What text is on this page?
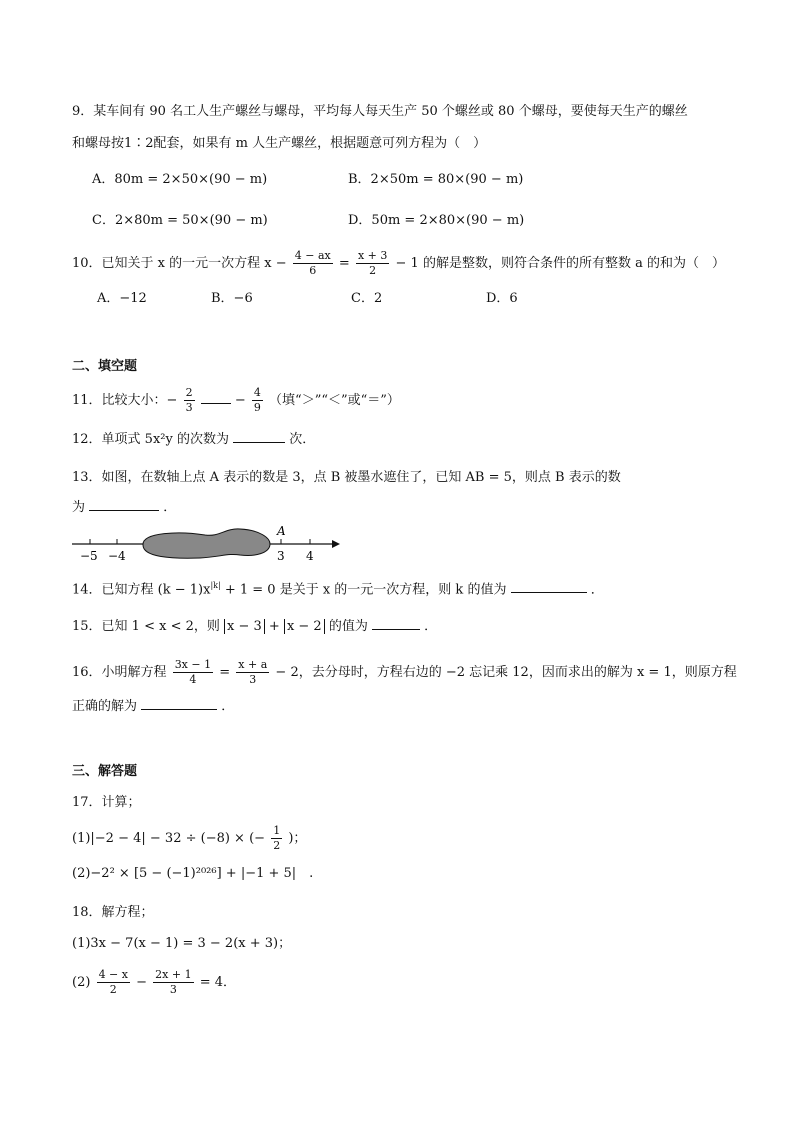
9．某车间有 90 名工人生产螺丝与螺母，平均每人每天生产 50 个螺丝或 80 个螺母，要使每天生产的螺丝
和螺母按1∶2配套，如果有 m 人生产螺丝，根据题意可列方程为（　）
A．80m = 2×50×(90 − m)	B．2×50m = 80×(90 − m)
C．2×80m = 50×(90 − m)	D．50m = 2×80×(90 − m)
10．已知关于 x 的一元一次方程 $x - \frac{4 - ax}{6} = \frac{x + 3}{2} - 1$ 的解是整数，则符合条件的所有整数 a 的和为（　）
A．−12	B．−6	C．2	D．6
二、填空题
11．比较大小：− $\frac{2}{3}$	− $\frac{4}{9}$ （填“＞”“＜”或“＝”）
12．单项式 5x²y 的次数为	次．
13．如图，在数轴上点 A 表示的数是 3，点 B 被墨水遮住了，已知 AB = 5，则点 B 表示的数
为	．
−5 −4	3 4
A
14．已知方程 $(k - 1)x^{|k|} + 1 = 0$ 是关于 x 的一元一次方程，则 k 的值为	．
15．已知 1 < x < 2，则 x − 3 + x − 2 的值为	．
16．小明解方程 $\frac{3x - 1}{4} = \frac{x + a}{3} - 2$，去分母时，方程右边的 −2 忘记乘 12，因而求出的解为 x = 1，则原方程
正确的解为	．
三、解答题
17．计算；
(1)|−2 − 4| − 32 ÷ (−8) × (− $\frac{1}{2}$ )；
(2)−2² × [5 − (−1)²⁰²⁶] + |−1 + 5|　.
18．解方程；
(1)3x − 7(x − 1) = 3 − 2(x + 3)；
$(2) \frac{4 - x}{2} - \frac{2x + 1}{3} = 4$．
